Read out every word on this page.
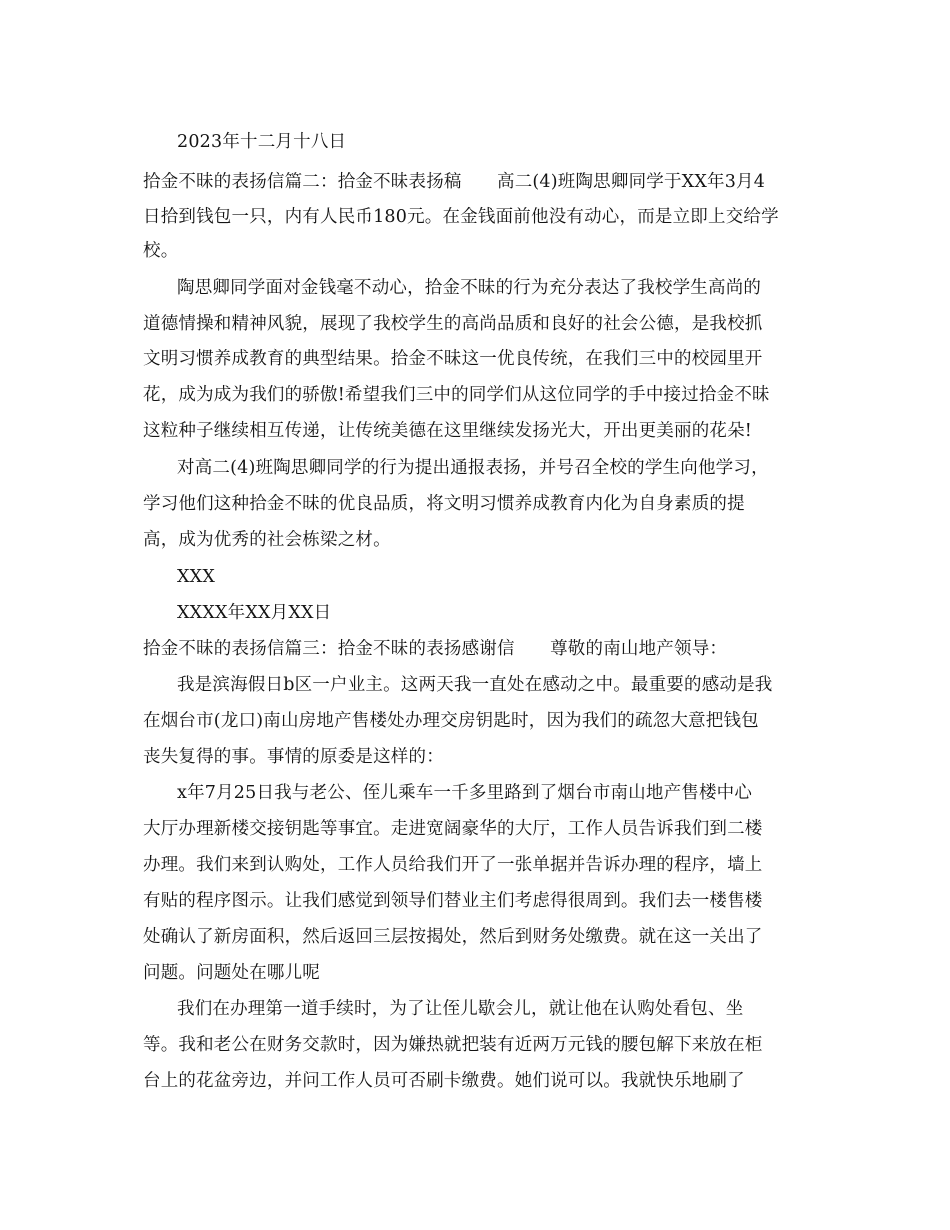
2023年十二月十八日
拾金不昧的表扬信篇二：拾金不昧表扬稿　　高二(4)班陶思卿同学于XX年3月4
日拾到钱包一只，内有人民币180元。在金钱面前他没有动心，而是立即上交给学
校。
陶思卿同学面对金钱毫不动心，拾金不昧的行为充分表达了我校学生高尚的
道德情操和精神风貌，展现了我校学生的高尚品质和良好的社会公德，是我校抓
文明习惯养成教育的典型结果。拾金不昧这一优良传统，在我们三中的校园里开
花，成为成为我们的骄傲!希望我们三中的同学们从这位同学的手中接过拾金不昧
这粒种子继续相互传递，让传统美德在这里继续发扬光大，开出更美丽的花朵!
对高二(4)班陶思卿同学的行为提出通报表扬，并号召全校的学生向他学习，
学习他们这种拾金不昧的优良品质，将文明习惯养成教育内化为自身素质的提
高，成为优秀的社会栋梁之材。
XXX
XXXX年XX月XX日
拾金不昧的表扬信篇三：拾金不昧的表扬感谢信　　尊敬的南山地产领导：
我是滨海假日b区一户业主。这两天我一直处在感动之中。最重要的感动是我
在烟台市(龙口)南山房地产售楼处办理交房钥匙时，因为我们的疏忽大意把钱包
丧失复得的事。事情的原委是这样的：
x年7月25日我与老公、侄儿乘车一千多里路到了烟台市南山地产售楼中心
大厅办理新楼交接钥匙等事宜。走进宽阔豪华的大厅，工作人员告诉我们到二楼
办理。我们来到认购处，工作人员给我们开了一张单据并告诉办理的程序，墙上
有贴的程序图示。让我们感觉到领导们替业主们考虑得很周到。我们去一楼售楼
处确认了新房面积，然后返回三层按揭处，然后到财务处缴费。就在这一关出了
问题。问题处在哪儿呢
我们在办理第一道手续时，为了让侄儿歇会儿，就让他在认购处看包、坐
等。我和老公在财务交款时，因为嫌热就把装有近两万元钱的腰包解下来放在柜
台上的花盆旁边，并问工作人员可否刷卡缴费。她们说可以。我就快乐地刷了
